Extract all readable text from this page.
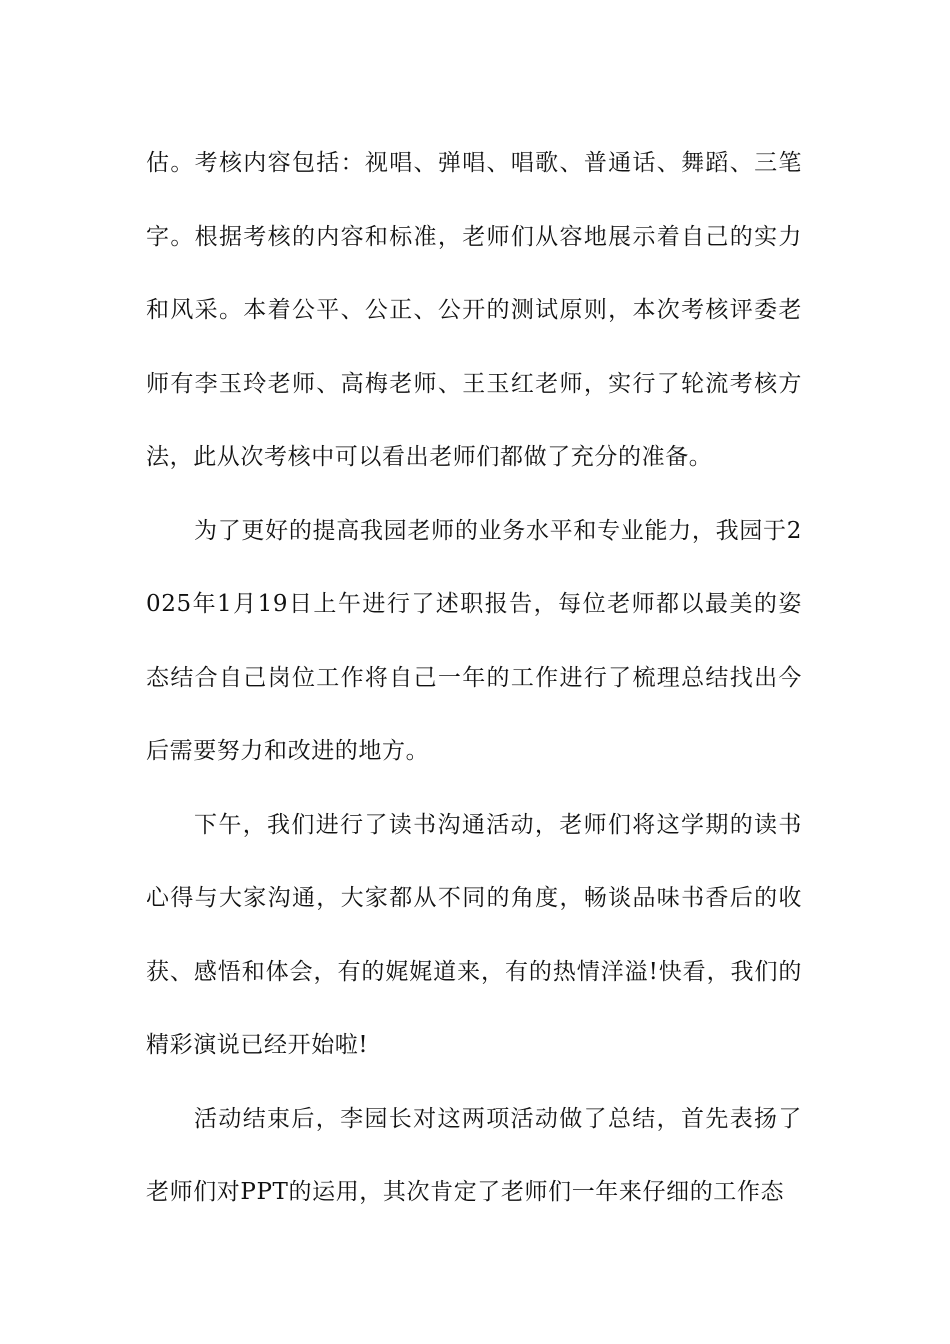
估。考核内容包括：视唱、弹唱、唱歌、普通话、舞蹈、三笔字。根据考核的内容和标准，老师们从容地展示着自己的实力和风采。本着公平、公正、公开的测试原则，本次考核评委老师有李玉玲老师、高梅老师、王玉红老师，实行了轮流考核方法，此从次考核中可以看出老师们都做了充分的准备。

为了更好的提高我园老师的业务水平和专业能力，我园于2025年1月19日上午进行了述职报告，每位老师都以最美的姿态结合自己岗位工作将自己一年的工作进行了梳理总结找出今后需要努力和改进的地方。

下午，我们进行了读书沟通活动，老师们将这学期的读书心得与大家沟通，大家都从不同的角度，畅谈品味书香后的收获、感悟和体会，有的娓娓道来，有的热情洋溢!快看，我们的精彩演说已经开始啦!

活动结束后，李园长对这两项活动做了总结，首先表扬了老师们对PPT的运用，其次肯定了老师们一年来仔细的工作态
